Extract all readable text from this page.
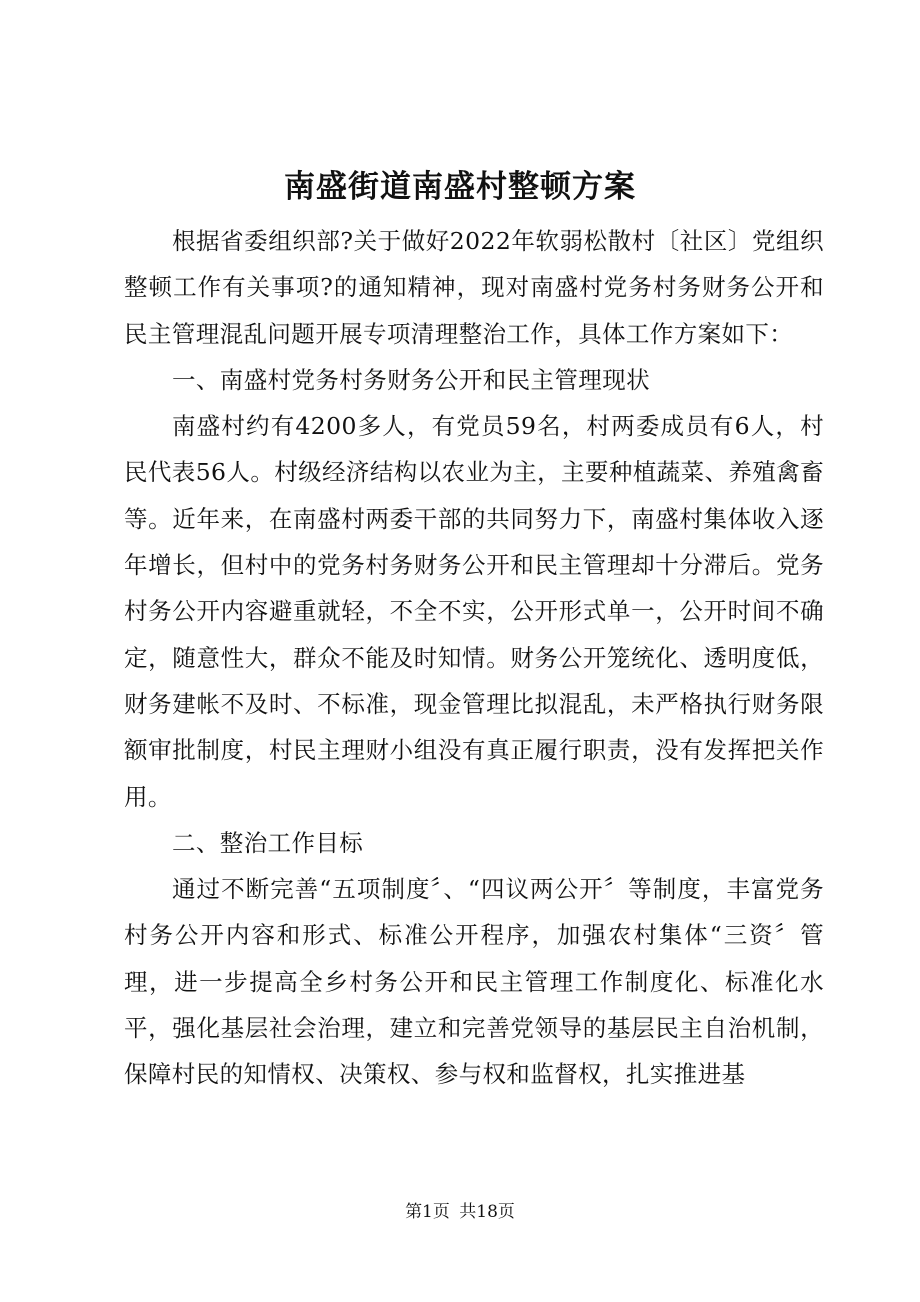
南盛街道南盛村整顿方案

根据省委组织部?关于做好2022年软弱松散村〔社区〕党组织整顿工作有关事项?的通知精神，现对南盛村党务村务财务公开和民主管理混乱问题开展专项清理整治工作，具体工作方案如下：

一、南盛村党务村务财务公开和民主管理现状

南盛村约有4200多人，有党员59名，村两委成员有6人，村民代表56人。村级经济结构以农业为主，主要种植蔬菜、养殖禽畜等。近年来，在南盛村两委干部的共同努力下，南盛村集体收入逐年增长，但村中的党务村务财务公开和民主管理却十分滞后。党务村务公开内容避重就轻，不全不实，公开形式单一，公开时间不确定，随意性大，群众不能及时知情。财务公开笼统化、透明度低，财务建帐不及时、不标准，现金管理比拟混乱，未严格执行财务限额审批制度，村民主理财小组没有真正履行职责，没有发挥把关作用。

二、整治工作目标

通过不断完善“五项制度〞、“四议两公开〞等制度，丰富党务村务公开内容和形式、标准公开程序，加强农村集体“三资〞管理，进一步提高全乡村务公开和民主管理工作制度化、标准化水平，强化基层社会治理，建立和完善党领导的基层民主自治机制，保障村民的知情权、决策权、参与权和监督权，扎实推进基

第1页 共18页
